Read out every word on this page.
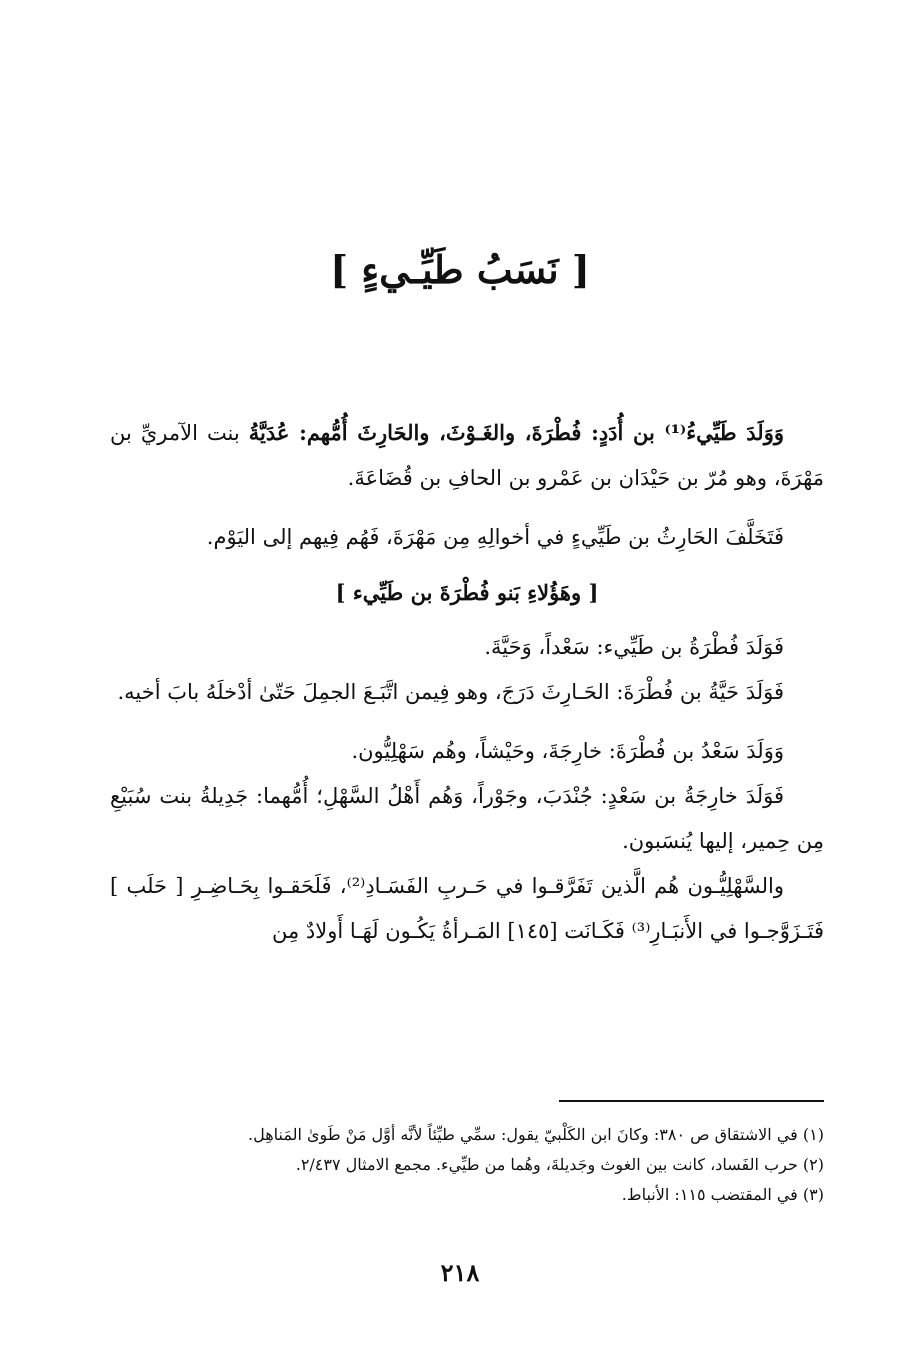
[ نَسَبُ طَيِّـيءٍ ]

وَوَلَدَ طَيِّيءُ⁽¹⁾ بن أُدَدٍ: فُطْرَةَ، والغَـوْثَ، والحَارِثَ أُمُّهم: عُدَيَّةُ بنت الآمريِّ بن مَهْرَةَ، وهو مُرّ بن حَيْدَان بن عَمْرو بن الحافِ بن قُضَاعَةَ.

فَتَخَلَّفَ الحَارِثُ بن طَيِّيءٍ في أخوالِهِ مِن مَهْرَةَ، فَهُم فِيهم إلى اليَوْم.

[ وهَؤُلاءِ بَنو فُطْرَةَ بن طَيِّيء ]

فَوَلَدَ فُطْرَةُ بن طَيِّيء: سَعْداً، وَحَيَّةَ.

فَوَلَدَ حَيَّةُ بن فُطْرَةَ: الحَـارِثَ دَرَجَ، وهو فِيمن اتَّبَـعَ الجمِلَ حَتّىٰ أدْخلَهُ بابَ أخيه.

وَوَلَدَ سَعْدُ بن فُطْرَةَ: خارِجَةَ، وحَيْشاً، وهُم سَهْلِيُّون.

فَوَلَدَ خارِجَةُ بن سَعْدٍ: جُنْدَبَ، وجَوْراً، وَهُم أَهْلُ السَّهْلِ؛ أُمُّهما: جَدِيلةُ بنت سُبَيْعِ مِن حِمير، إليها يُنسَبون.

والسَّهْلِيُّـون هُم الَّذين تَفَرَّقـوا في حَـربِ الفَسَـادِ⁽²⁾، فَلَحَقـوا بِحَـاضِـرِ [ حَلَب ] فَتَـزَوَّجـوا في الأَنبَـارِ⁽³⁾ فَكَـانَت [١٤٥] المَـرأةُ يَكُـون لَهَـا أَولادٌ مِن

(١) في الاشتقاق ص ٣٨٠: وكانَ ابن الكَلْبيّ يقول: سمِّي طيِّئاً لأنَّه أوَّل مَنْ طَوىٰ المَناهِل.

(٢) حرب الفَساد، كانت بين الغوث وجَديلةَ، وهُما من طيِّيء. مجمع الامثال ٢/٤٣٧.

(٣) في المقتضب ١١٥: الأنباط.

٢١٨
